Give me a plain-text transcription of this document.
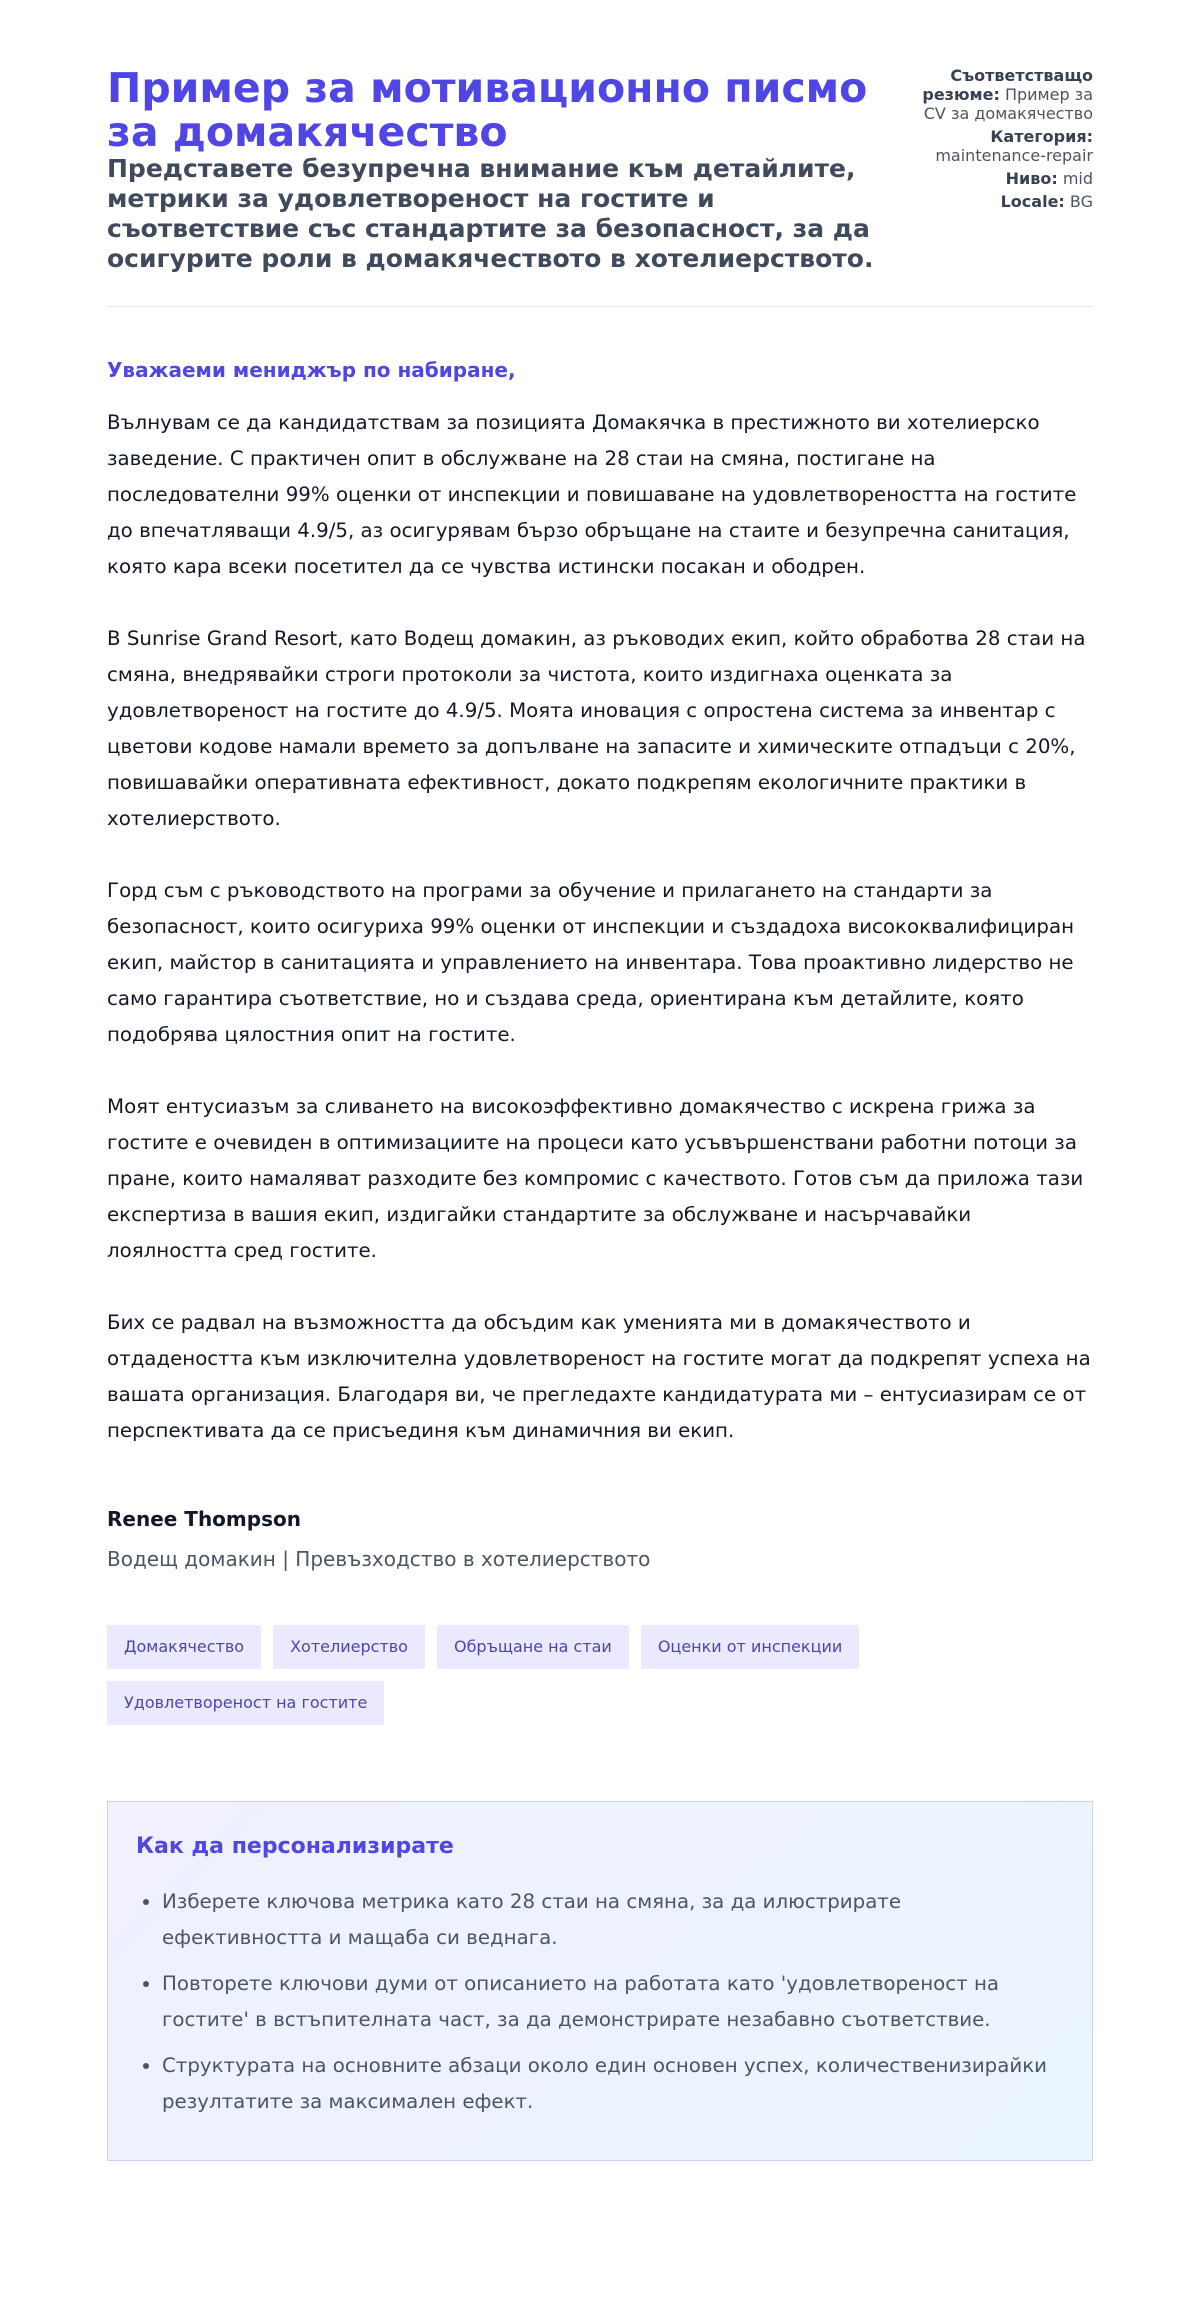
Пример за мотивационно писмо за домакячество
Представете безупречна внимание към детайлите, метрики за удовлетвореност на гостите и съответствие със стандартите за безопасност, за да осигурите роли в домакячеството в хотелиерството.
Съответстващо резюме: Пример за CV за домакячество
Категория: maintenance-repair
Ниво: mid
Locale: BG
Уважаеми мениджър по набиране,

Вълнувам се да кандидатствам за позицията Домакячка в престижното ви хотелиерско заведение. С практичен опит в обслужване на 28 стаи на смяна, постигане на последователни 99% оценки от инспекции и повишаване на удовлетвореността на гостите до впечатляващи 4.9/5, аз осигурявам бързо обръщане на стаите и безупречна санитация, която кара всеки посетител да се чувства истински посакан и ободрен.

В Sunrise Grand Resort, като Водещ домакин, аз ръководих екип, който обработва 28 стаи на смяна, внедрявайки строги протоколи за чистота, които издигнаха оценката за удовлетвореност на гостите до 4.9/5. Моята иновация с опростена система за инвентар с цветови кодове намали времето за допълване на запасите и химическите отпадъци с 20%, повишавайки оперативната ефективност, докато подкрепям екологичните практики в хотелиерството.

Горд съм с ръководството на програми за обучение и прилагането на стандарти за безопасност, които осигуриха 99% оценки от инспекции и създадоха висококвалифициран екип, майстор в санитацията и управлението на инвентара. Това проактивно лидерство не само гарантира съответствие, но и създава среда, ориентирана към детайлите, която подобрява цялостния опит на гостите.

Моят ентусиазъм за сливането на високоэффективно домакячество с искрена грижа за гостите е очевиден в оптимизациите на процеси като усъвършенствани работни потоци за пране, които намаляват разходите без компромис с качеството. Готов съм да приложа тази експертиза в вашия екип, издигайки стандартите за обслужване и насърчавайки лоялността сред гостите.

Бих се радвал на възможността да обсъдим как уменията ми в домакячеството и отдадеността към изключителна удовлетвореност на гостите могат да подкрепят успеха на вашата организация. Благодаря ви, че прегледахте кандидатурата ми – ентусиазирам се от перспективата да се присъединя към динамичния ви екип.

Renee Thompson
Водещ домакин | Превъзходство в хотелиерството
Домакячество	Хотелиерство	Обръщане на стаи	Оценки от инспекции
Удовлетвореност на гостите
Как да персонализирате
• Изберете ключова метрика като 28 стаи на смяна, за да илюстрирате ефективността и мащаба си веднага.
• Повторете ключови думи от описанието на работата като 'удовлетвореност на гостите' в встъпителната част, за да демонстрирате незабавно съответствие.
• Структурата на основните абзаци около един основен успех, количественизирайки резултатите за максимален ефект.
